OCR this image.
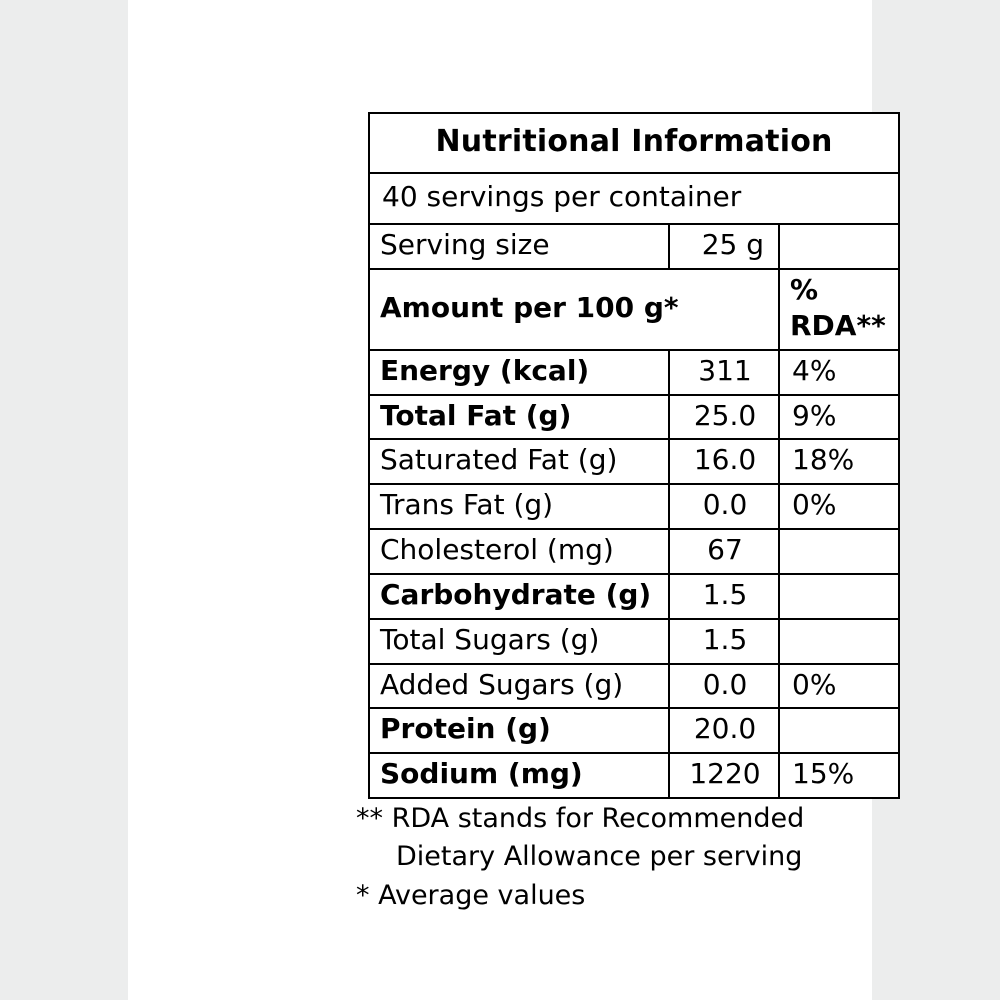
Nutritional Information		
40 servings per container		
Serving size	25 g	
Amount per 100 g*		% RDA**
Energy (kcal)	311	4%
Total Fat (g)	25.0	9%
Saturated Fat (g)	16.0	18%
Trans Fat (g)	0.0	0%
Cholesterol (mg)	67	
Carbohydrate (g)	1.5	
Total Sugars (g)	1.5	
Added Sugars (g)	0.0	0%
Protein (g)	20.0	
Sodium (mg)	1220	15%
** RDA stands for Recommended
Dietary Allowance per serving
* Average values
